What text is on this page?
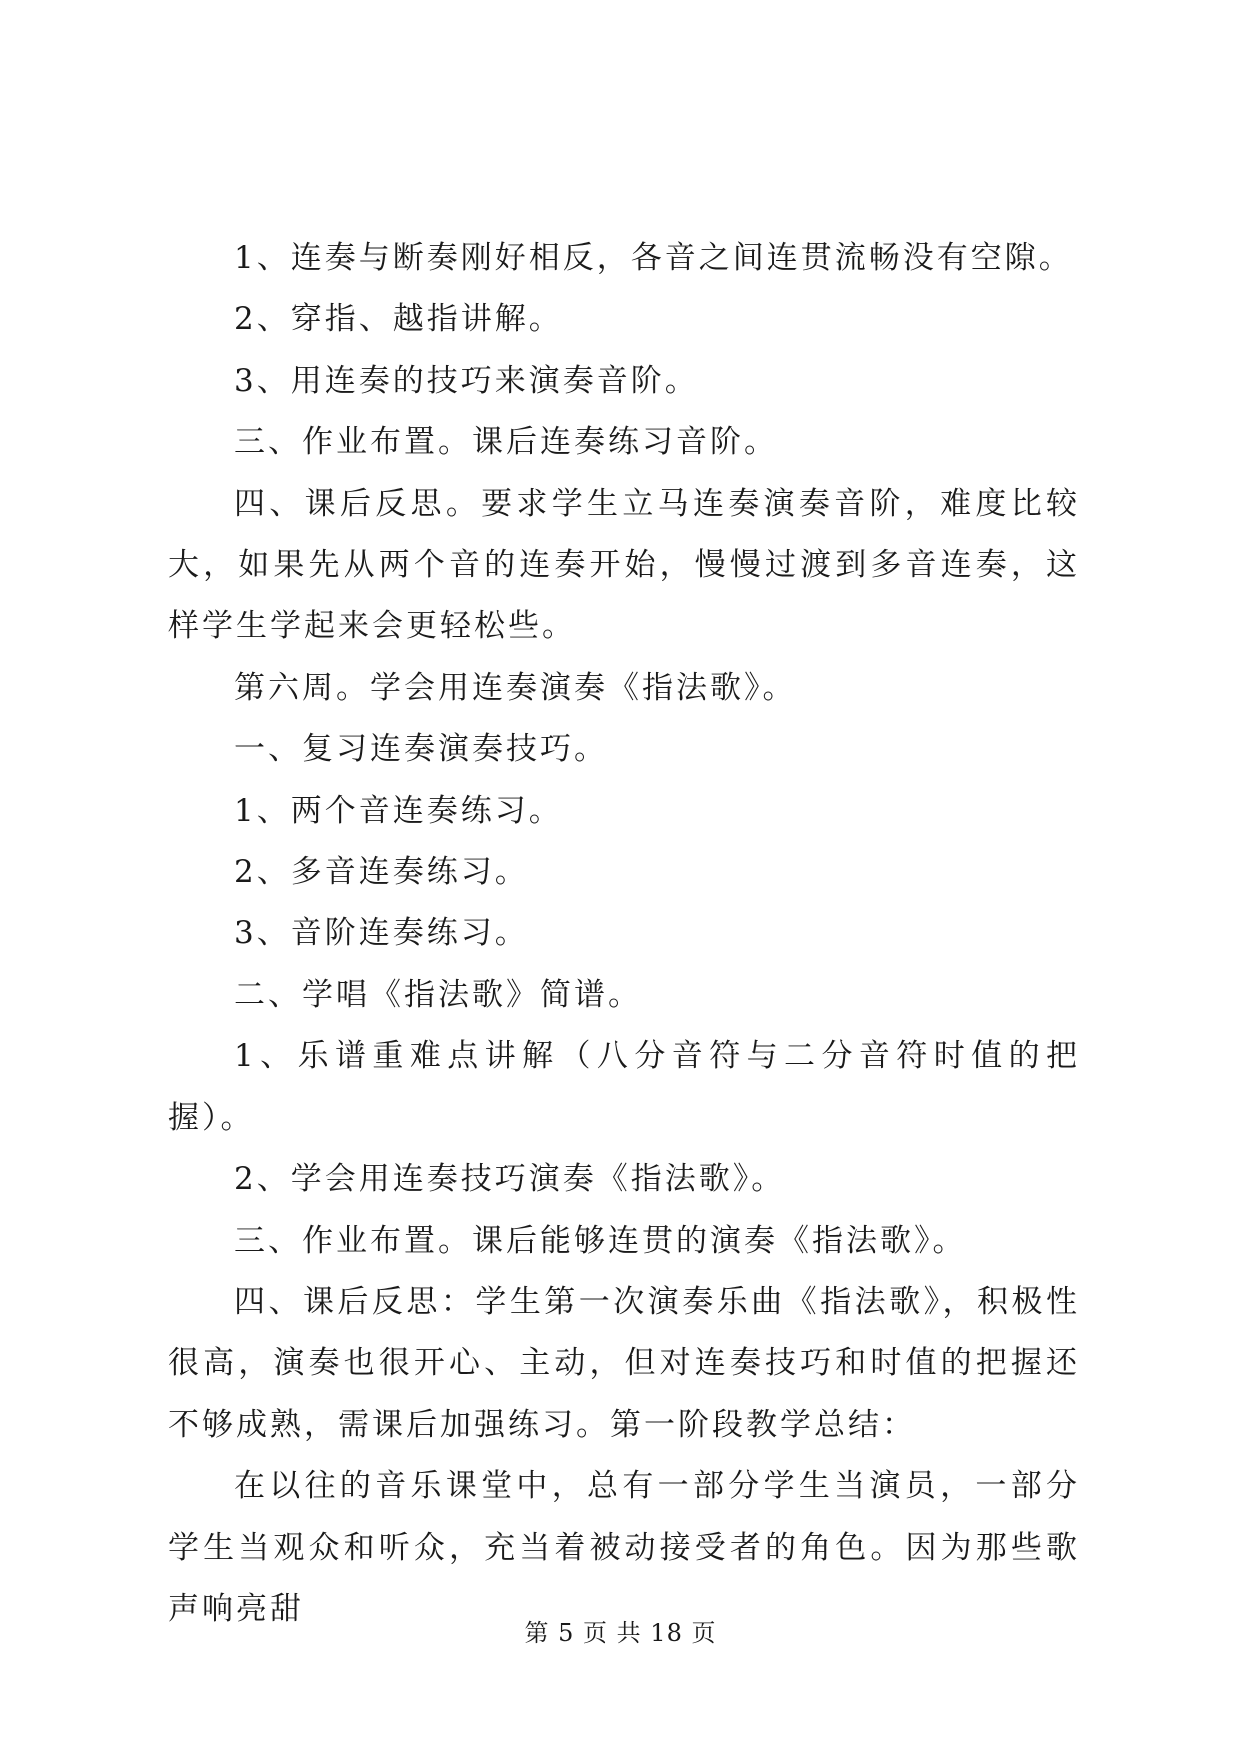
1、连奏与断奏刚好相反，各音之间连贯流畅没有空隙。

2、穿指、越指讲解。

3、用连奏的技巧来演奏音阶。

三、作业布置。课后连奏练习音阶。

四、课后反思。要求学生立马连奏演奏音阶，难度比较大，如果先从两个音的连奏开始，慢慢过渡到多音连奏，这样学生学起来会更轻松些。

第六周。学会用连奏演奏《指法歌》。

一、复习连奏演奏技巧。

1、两个音连奏练习。

2、多音连奏练习。

3、音阶连奏练习。

二、学唱《指法歌》简谱。

1、乐谱重难点讲解（八分音符与二分音符时值的把握）。

2、学会用连奏技巧演奏《指法歌》。

三、作业布置。课后能够连贯的演奏《指法歌》。

四、课后反思：学生第一次演奏乐曲《指法歌》，积极性很高，演奏也很开心、主动，但对连奏技巧和时值的把握还不够成熟，需课后加强练习。第一阶段教学总结：

在以往的音乐课堂中，总有一部分学生当演员，一部分学生当观众和听众，充当着被动接受者的角色。因为那些歌声响亮甜

第 5 页 共 18 页
